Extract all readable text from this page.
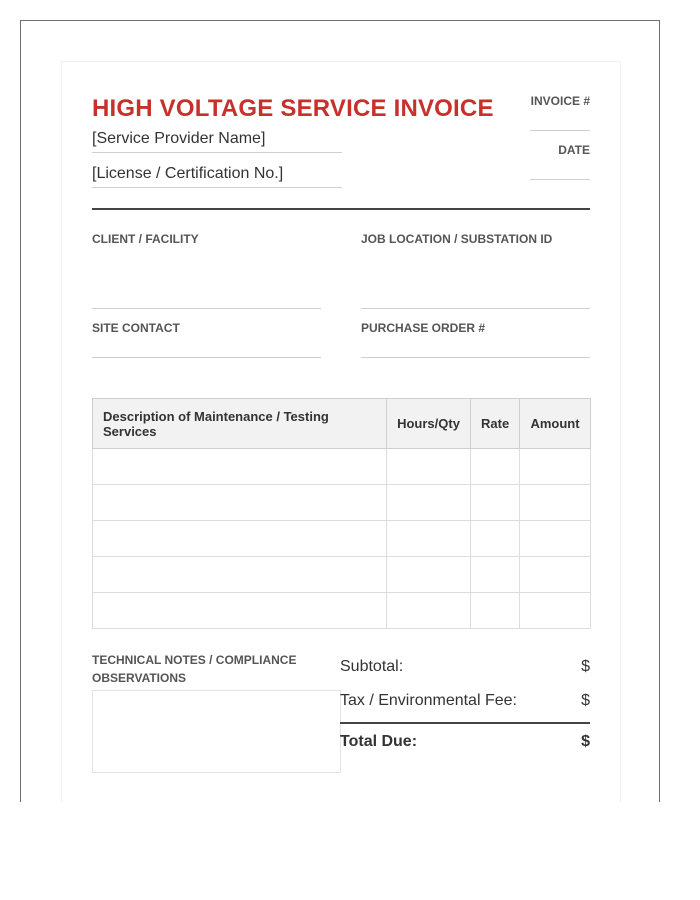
HIGH VOLTAGE SERVICE INVOICE
[Service Provider Name]
[License / Certification No.]
INVOICE #
DATE
CLIENT / FACILITY	JOB LOCATION / SUBSTATION ID
SITE CONTACT	PURCHASE ORDER #
Description of Maintenance / Testing Services	Hours/Qty	Rate	Amount

TECHNICAL NOTES / COMPLIANCE OBSERVATIONS
Subtotal:	$
Tax / Environmental Fee:	$
Total Due:	$
